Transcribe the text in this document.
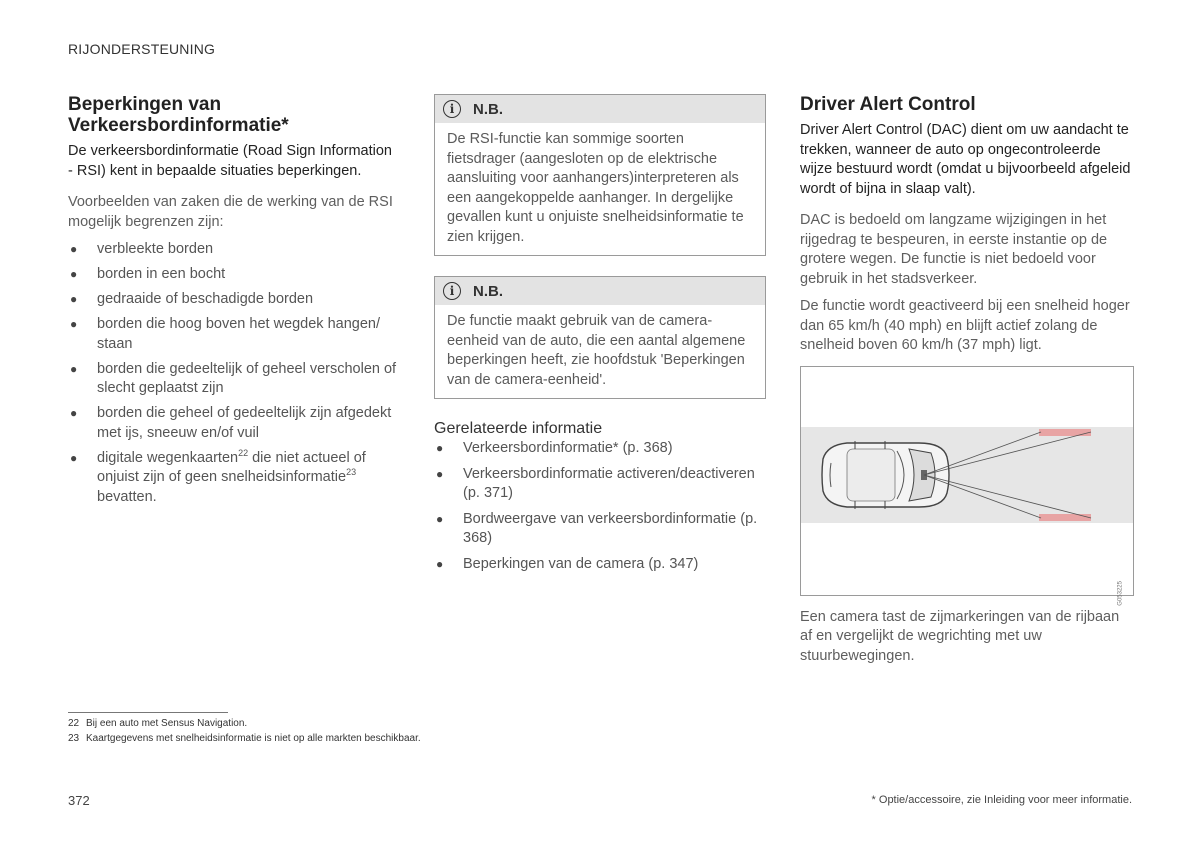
RIJONDERSTEUNING
Beperkingen van Verkeersbordinformatie*

De verkeersbordinformatie (Road Sign Information - RSI) kent in bepaalde situaties beperkingen.

Voorbeelden van zaken die de werking van de RSI mogelijk begrenzen zijn:

● verbleekte borden
● borden in een bocht
● gedraaide of beschadigde borden
● borden die hoog boven het wegdek hangen/ staan
● borden die gedeeltelijk of geheel verscholen of slecht geplaatst zijn
● borden die geheel of gedeeltelijk zijn afgedekt met ijs, sneeuw en/of vuil
● digitale wegenkaarten$^{22}$ die niet actueel of onjuist zijn of geen snelheidsinformatie$^{23}$ bevatten.
i	N.B.
De RSI-functie kan sommige soorten fietsdrager (aangesloten op de elektrische aansluiting voor aanhangers)interpreteren als een aangekoppelde aanhanger. In dergelijke gevallen kunt u onjuiste snelheidsinformatie te zien krijgen.
i	N.B.
De functie maakt gebruik van de camera-eenheid van de auto, die een aantal algemene beperkingen heeft, zie hoofdstuk 'Beperkingen van de camera-eenheid'.
Gerelateerde informatie
● Verkeersbordinformatie* (p. 368)
● Verkeersbordinformatie activeren/deactiveren (p. 371)
● Bordweergave van verkeersbordinformatie (p. 368)
● Beperkingen van de camera (p. 347)
Driver Alert Control

Driver Alert Control (DAC) dient om uw aandacht te trekken, wanneer de auto op ongecontroleerde wijze bestuurd wordt (omdat u bijvoorbeeld afgeleid wordt of bijna in slaap valt).

DAC is bedoeld om langzame wijzigingen in het rijgedrag te bespeuren, in eerste instantie op de grotere wegen. De functie is niet bedoeld voor gebruik in het stadsverkeer.

De functie wordt geactiveerd bij een snelheid hoger dan 65 km/h (40 mph) en blijft actief zolang de snelheid boven 60 km/h (37 mph) ligt.

G053225

Een camera tast de zijmarkeringen van de rijbaan af en vergelijkt de wegrichting met uw stuurbewegingen.

22 Bij een auto met Sensus Navigation.
23 Kaartgegevens met snelheidsinformatie is niet op alle markten beschikbaar.
372	* Optie/accessoire, zie Inleiding voor meer informatie.
